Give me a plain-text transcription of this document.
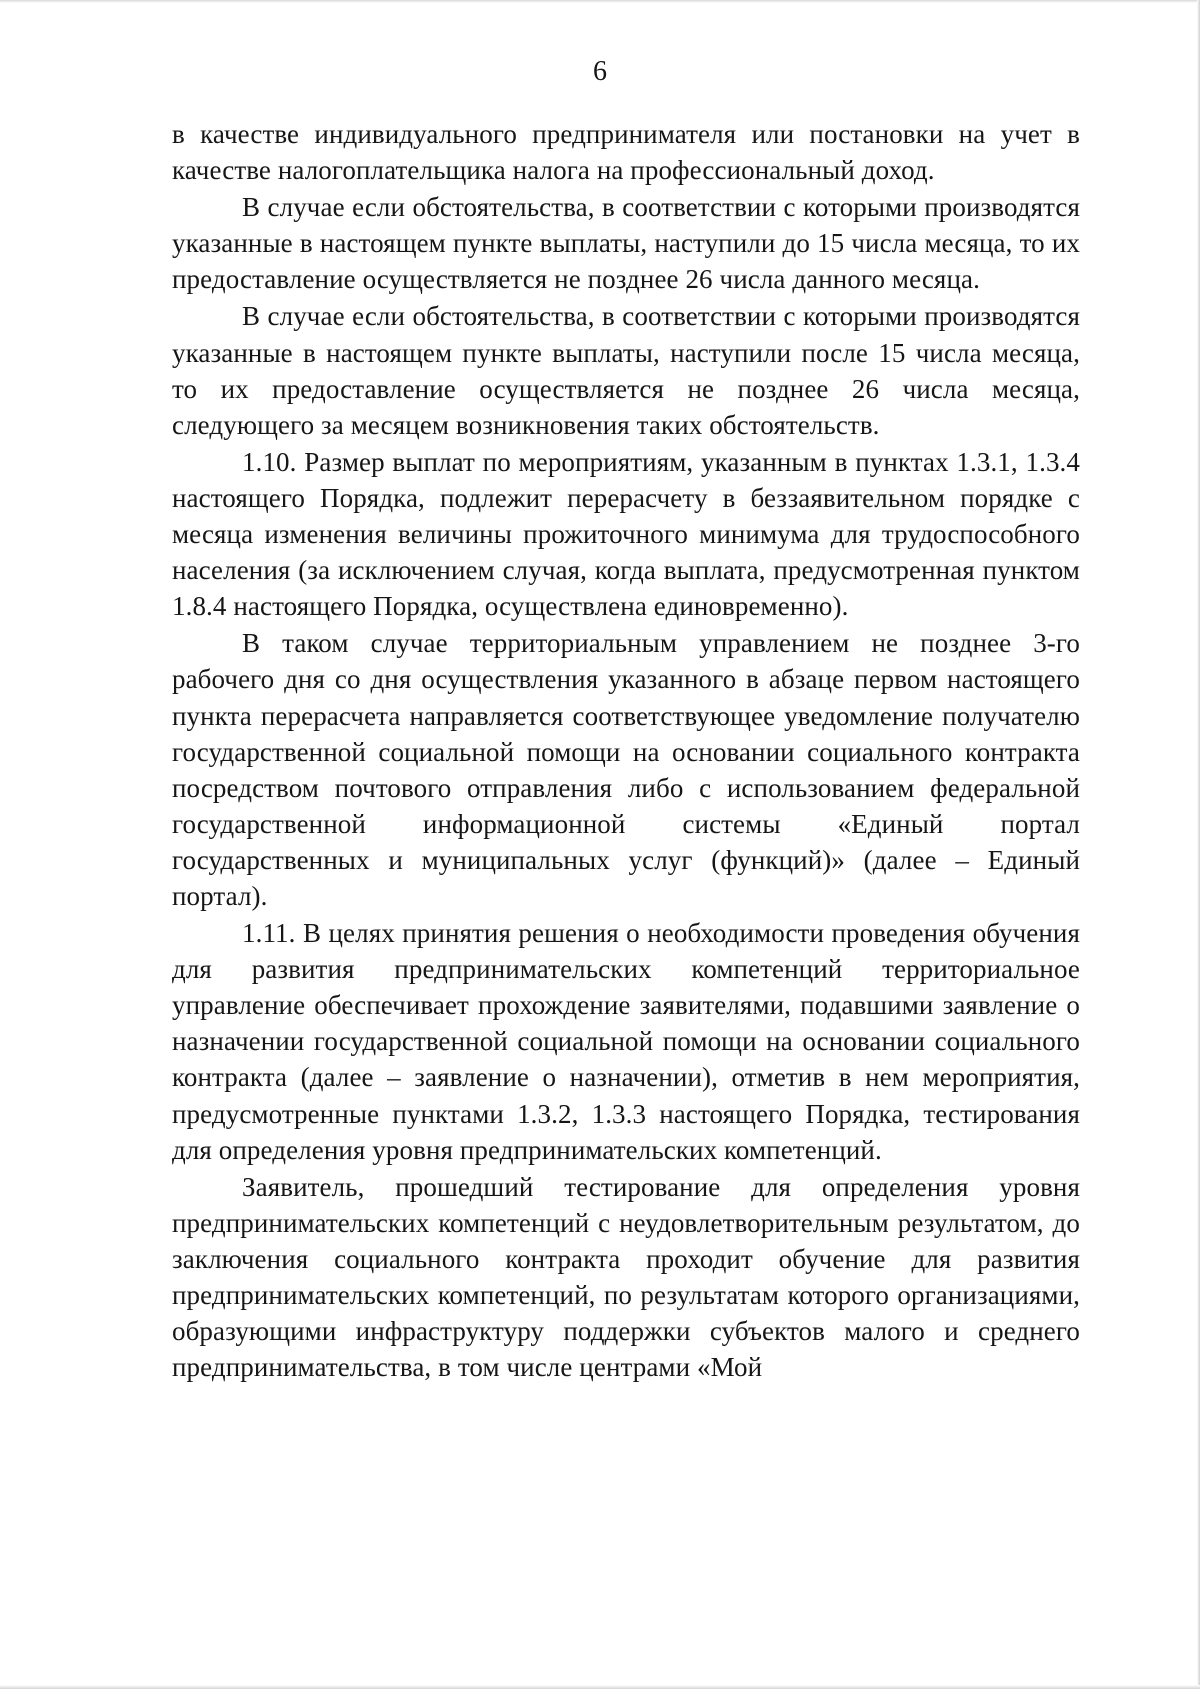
6

в качестве индивидуального предпринимателя или постановки на учет в качестве налогоплательщика налога на профессиональный доход.

В случае если обстоятельства, в соответствии с которыми производятся указанные в настоящем пункте выплаты, наступили до 15 числа месяца, то их предоставление осуществляется не позднее 26 числа данного месяца.

В случае если обстоятельства, в соответствии с которыми производятся указанные в настоящем пункте выплаты, наступили после 15 числа месяца, то их предоставление осуществляется не позднее 26 числа месяца, следующего за месяцем возникновения таких обстоятельств.

1.10. Размер выплат по мероприятиям, указанным в пунктах 1.3.1, 1.3.4 настоящего Порядка, подлежит перерасчету в беззаявительном порядке с месяца изменения величины прожиточного минимума для трудоспособного населения (за исключением случая, когда выплата, предусмотренная пунктом 1.8.4 настоящего Порядка, осуществлена единовременно).

В таком случае территориальным управлением не позднее 3-го рабочего дня со дня осуществления указанного в абзаце первом настоящего пункта перерасчета направляется соответствующее уведомление получателю государственной социальной помощи на основании социального контракта посредством почтового отправления либо с использованием федеральной государственной информационной системы «Единый портал государственных и муниципальных услуг (функций)» (далее – Единый портал).

1.11. В целях принятия решения о необходимости проведения обучения для развития предпринимательских компетенций территориальное управление обеспечивает прохождение заявителями, подавшими заявление о назначении государственной социальной помощи на основании социального контракта (далее – заявление о назначении), отметив в нем мероприятия, предусмотренные пунктами 1.3.2, 1.3.3 настоящего Порядка, тестирования для определения уровня предпринимательских компетенций.

Заявитель, прошедший тестирование для определения уровня предпринимательских компетенций с неудовлетворительным результатом, до заключения социального контракта проходит обучение для развития предпринимательских компетенций, по результатам которого организациями, образующими инфраструктуру поддержки субъектов малого и среднего предпринимательства, в том числе центрами «Мой
